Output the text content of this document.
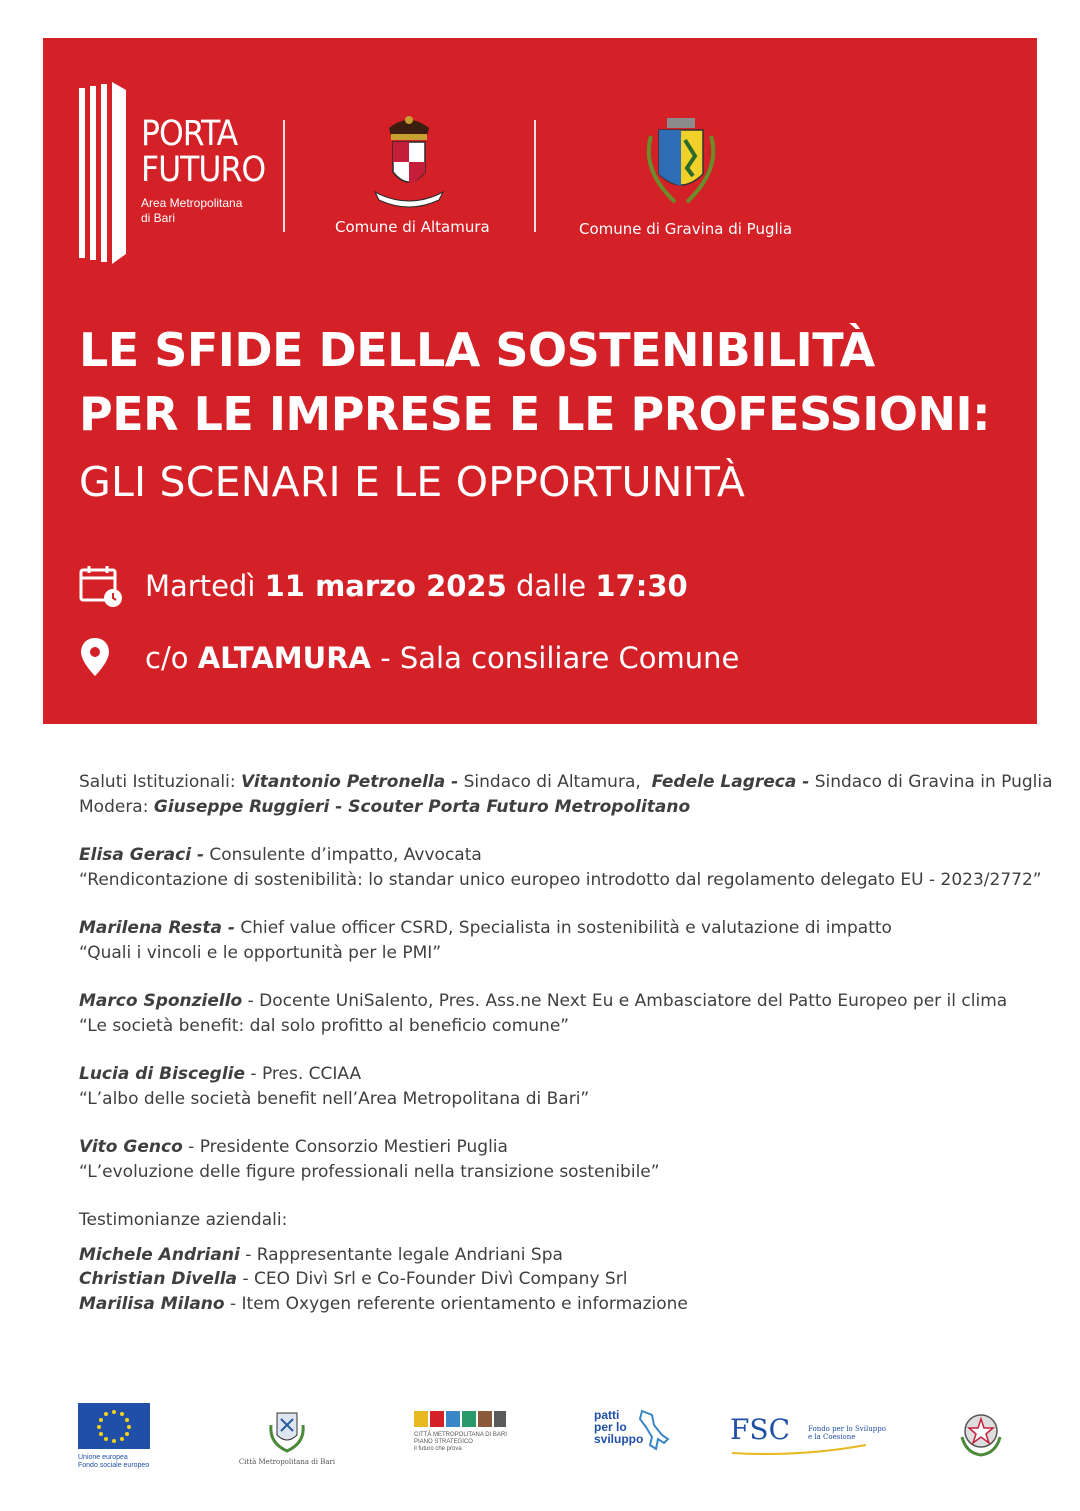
PORTA
FUTURO
Area Metropolitana
di Bari	Comune di Altamura	Comune di Gravina di Puglia
LE SFIDE DELLA SOSTENIBILITÀ
PER LE IMPRESE E LE PROFESSIONI:
GLI SCENARI E LE OPPORTUNITÀ
Martedì
11 marzo 2025
dalle
17:30
c/o
ALTAMURA
- Sala consiliare Comune
Saluti Istituzionali: Vitantonio Petronella - Sindaco di Altamura, Fedele Lagreca - Sindaco di Gravina in Puglia
Modera: Giuseppe Ruggieri - Scouter Porta Futuro Metropolitano
Elisa Geraci - Consulente d’impatto, Avvocata
“Rendicontazione di sostenibilità: lo standar unico europeo introdotto dal regolamento delegato EU - 2023/2772”
Marilena Resta - Chief value officer CSRD, Specialista in sostenibilità e valutazione di impatto
“Quali i vincoli e le opportunità per le PMI”
Marco Sponziello - Docente UniSalento, Pres. Ass.ne Next Eu e Ambasciatore del Patto Europeo per il clima
“Le società benefit: dal solo profitto al beneficio comune”
Lucia di Bisceglie - Pres. CCIAA
“L’albo delle società benefit nell’Area Metropolitana di Bari”
Vito Genco - Presidente Consorzio Mestieri Puglia
“L’evoluzione delle figure professionali nella transizione sostenibile”
Testimonianze aziendali:
Michele Andriani - Rappresentante legale Andriani Spa
Christian Divella - CEO Divì Srl e Co-Founder Divì Company Srl
Marilisa Milano - Item Oxygen referente orientamento e informazione
Unione europea
Fondo sociale europeo	Città Metropolitana di Bari
CITTÀ METROPOLITANA DI BARI
PIANO STRATEGICO
il futuro che prova
patti
per lo
sviluppo	FSC	Fondo per lo Sviluppo
e la Coesione
